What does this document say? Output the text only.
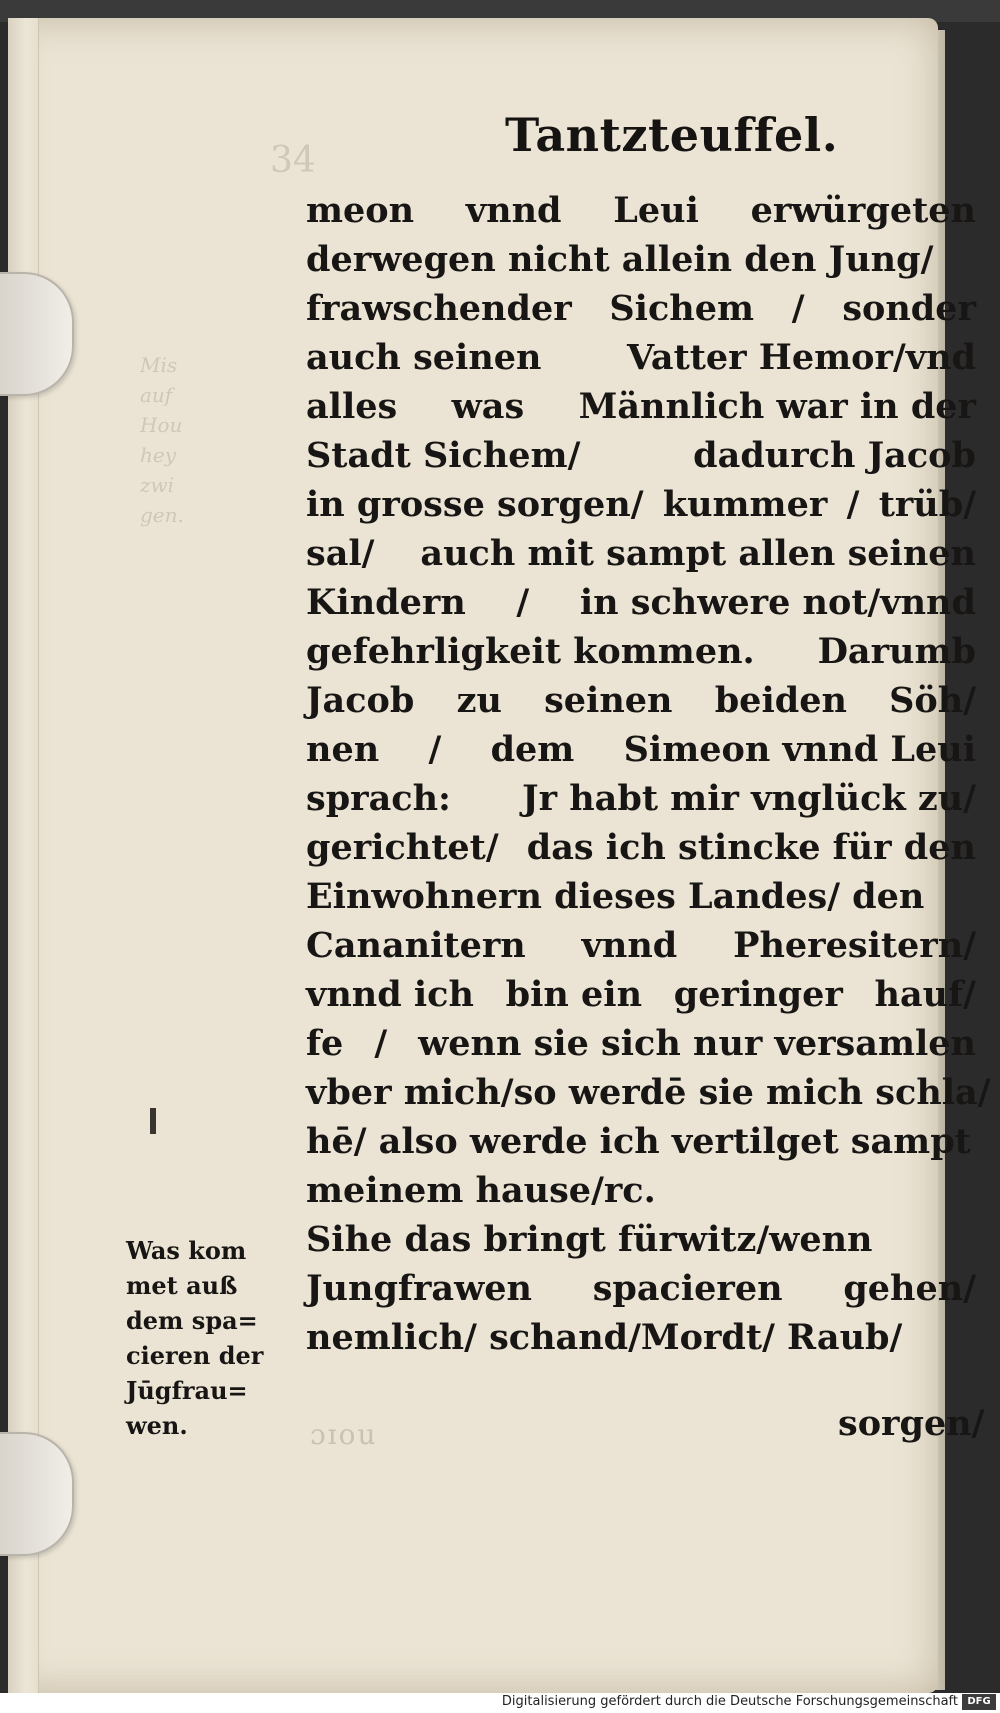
34
Mis
auf
Hou
hey
zwi
gen.
Tantzteuffel.
meon vnnd Leui erwürgeten
derwegen nicht allein den Jung/
frawschender Sichem / sonder
auch seinen Vatter Hemor/vnd
alles was Männlich war in der
Stadt Sichem/	dadurch Jacob
in grosse sorgen/ kummer / trüb/
sal/ auch mit sampt allen seinen
Kindern / in schwere not/vnnd
gefehrligkeit kommen. Darumb
Jacob zu seinen beiden Söh/
nen / dem Simeon vnnd Leui
sprach: Jr habt mir vnglück zu/
gerichtet/ das ich stincke für den
Einwohnern dieses Landes/ den
Cananitern vnnd Pheresitern/
vnnd ich bin ein geringer hauf/
fe / wenn sie sich nur versamlen
vber mich/ so werdē sie mich schla/
hē/ also werde ich vertilget sampt
meinem hause/rc.
Sihe das bringt fürwitz/wenn
Jungfrawen spacieren gehen/
nemlich/ schand/Mordt/ Raub/
Was kom
met auß
dem spa=
cieren der
Jūgfrau=
wen.	ɔɪou	sorgen/
Digitalisierung gefördert durch die Deutsche Forschungsgemeinschaft DFG
